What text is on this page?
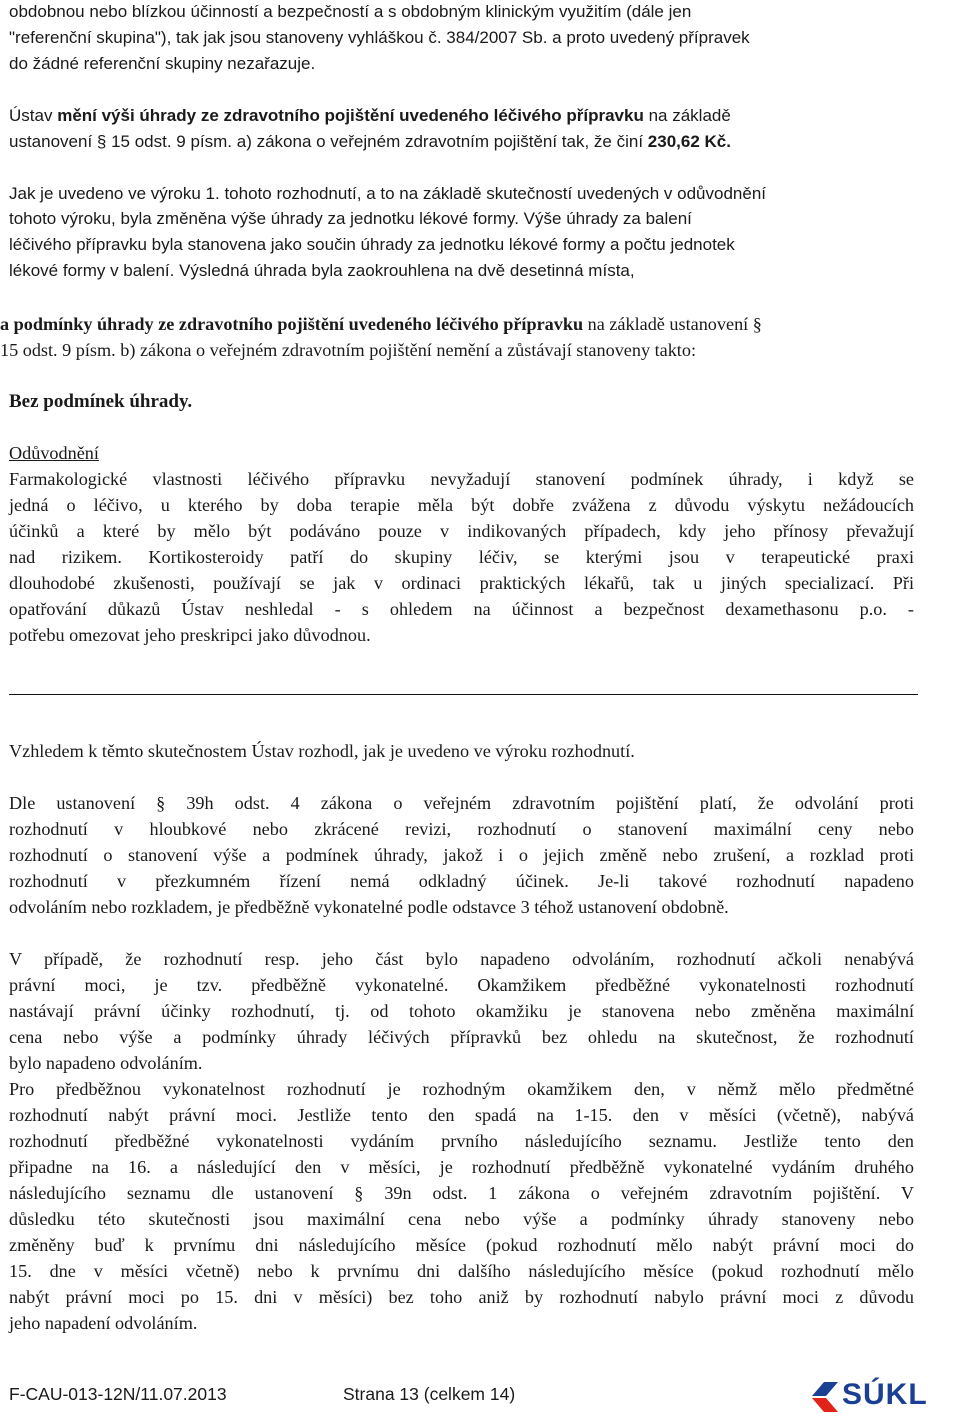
obdobnou nebo blízkou účinností a bezpečností a s obdobným klinickým využitím (dále jen

"referenční skupina"), tak jak jsou stanoveny vyhláškou č. 384/2007 Sb. a proto uvedený přípravek

do žádné referenční skupiny nezařazuje.

Ústav mění výši úhrady ze zdravotního pojištění uvedeného léčivého přípravku na základě

ustanovení § 15 odst. 9 písm. a) zákona o veřejném zdravotním pojištění tak, že činí 230,62 Kč.

Jak je uvedeno ve výroku 1. tohoto rozhodnutí, a to na základě skutečností uvedených v odůvodnění

tohoto výroku, byla změněna výše úhrady za jednotku lékové formy. Výše úhrady za balení

léčivého přípravku byla stanovena jako součin úhrady za jednotku lékové formy a počtu jednotek

lékové formy v balení. Výsledná úhrada byla zaokrouhlena na dvě desetinná místa,

a podmínky úhrady ze zdravotního pojištění uvedeného léčivého přípravku na základě ustanovení §

15 odst. 9 písm. b) zákona o veřejném zdravotním pojištění nemění a zůstávají stanoveny takto:

Bez podmínek úhrady.

Odůvodnění

Farmakologické vlastnosti léčivého přípravku nevyžadují stanovení podmínek úhrady, i když se

jedná o léčivo, u kterého by doba terapie měla být dobře zvážena z důvodu výskytu nežádoucích

účinků a které by mělo být podáváno pouze v indikovaných případech, kdy jeho přínosy převažují

nad rizikem. Kortikosteroidy patří do skupiny léčiv, se kterými jsou v terapeutické praxi

dlouhodobé zkušenosti, používají se jak v ordinaci praktických lékařů, tak u jiných specializací. Při

opatřování důkazů Ústav neshledal - s ohledem na účinnost a bezpečnost dexamethasonu p.o. -

potřebu omezovat jeho preskripci jako důvodnou.

Vzhledem k těmto skutečnostem Ústav rozhodl, jak je uvedeno ve výroku rozhodnutí.

Dle ustanovení § 39h odst. 4 zákona o veřejném zdravotním pojištění platí, že odvolání proti

rozhodnutí v hloubkové nebo zkrácené revizi, rozhodnutí o stanovení maximální ceny nebo

rozhodnutí o stanovení výše a podmínek úhrady, jakož i o jejich změně nebo zrušení, a rozklad proti

rozhodnutí v přezkumném řízení nemá odkladný účinek. Je-li takové rozhodnutí napadeno

odvoláním nebo rozkladem, je předběžně vykonatelné podle odstavce 3 téhož ustanovení obdobně.

V případě, že rozhodnutí resp. jeho část bylo napadeno odvoláním, rozhodnutí ačkoli nenabývá

právní moci, je tzv. předběžně vykonatelné. Okamžikem předběžné vykonatelnosti rozhodnutí

nastávají právní účinky rozhodnutí, tj. od tohoto okamžiku je stanovena nebo změněna maximální

cena nebo výše a podmínky úhrady léčivých přípravků bez ohledu na skutečnost, že rozhodnutí

bylo napadeno odvoláním.

Pro předběžnou vykonatelnost rozhodnutí je rozhodným okamžikem den, v němž mělo předmětné

rozhodnutí nabýt právní moci. Jestliže tento den spadá na 1-15. den v měsíci (včetně), nabývá

rozhodnutí předběžné vykonatelnosti vydáním prvního následujícího seznamu. Jestliže tento den

připadne na 16. a následující den v měsíci, je rozhodnutí předběžně vykonatelné vydáním druhého

následujícího seznamu dle ustanovení § 39n odst. 1 zákona o veřejném zdravotním pojištění. V

důsledku této skutečnosti jsou maximální cena nebo výše a podmínky úhrady stanoveny nebo

změněny buď k prvnímu dni následujícího měsíce (pokud rozhodnutí mělo nabýt právní moci do

15. dne v měsíci včetně) nebo k prvnímu dni dalšího následujícího měsíce (pokud rozhodnutí mělo

nabýt právní moci po 15. dni v měsíci) bez toho aniž by rozhodnutí nabylo právní moci z důvodu

jeho napadení odvoláním.

F-CAU-013-12N/11.07.2013	Strana 13 (celkem 14)	SÚKL
